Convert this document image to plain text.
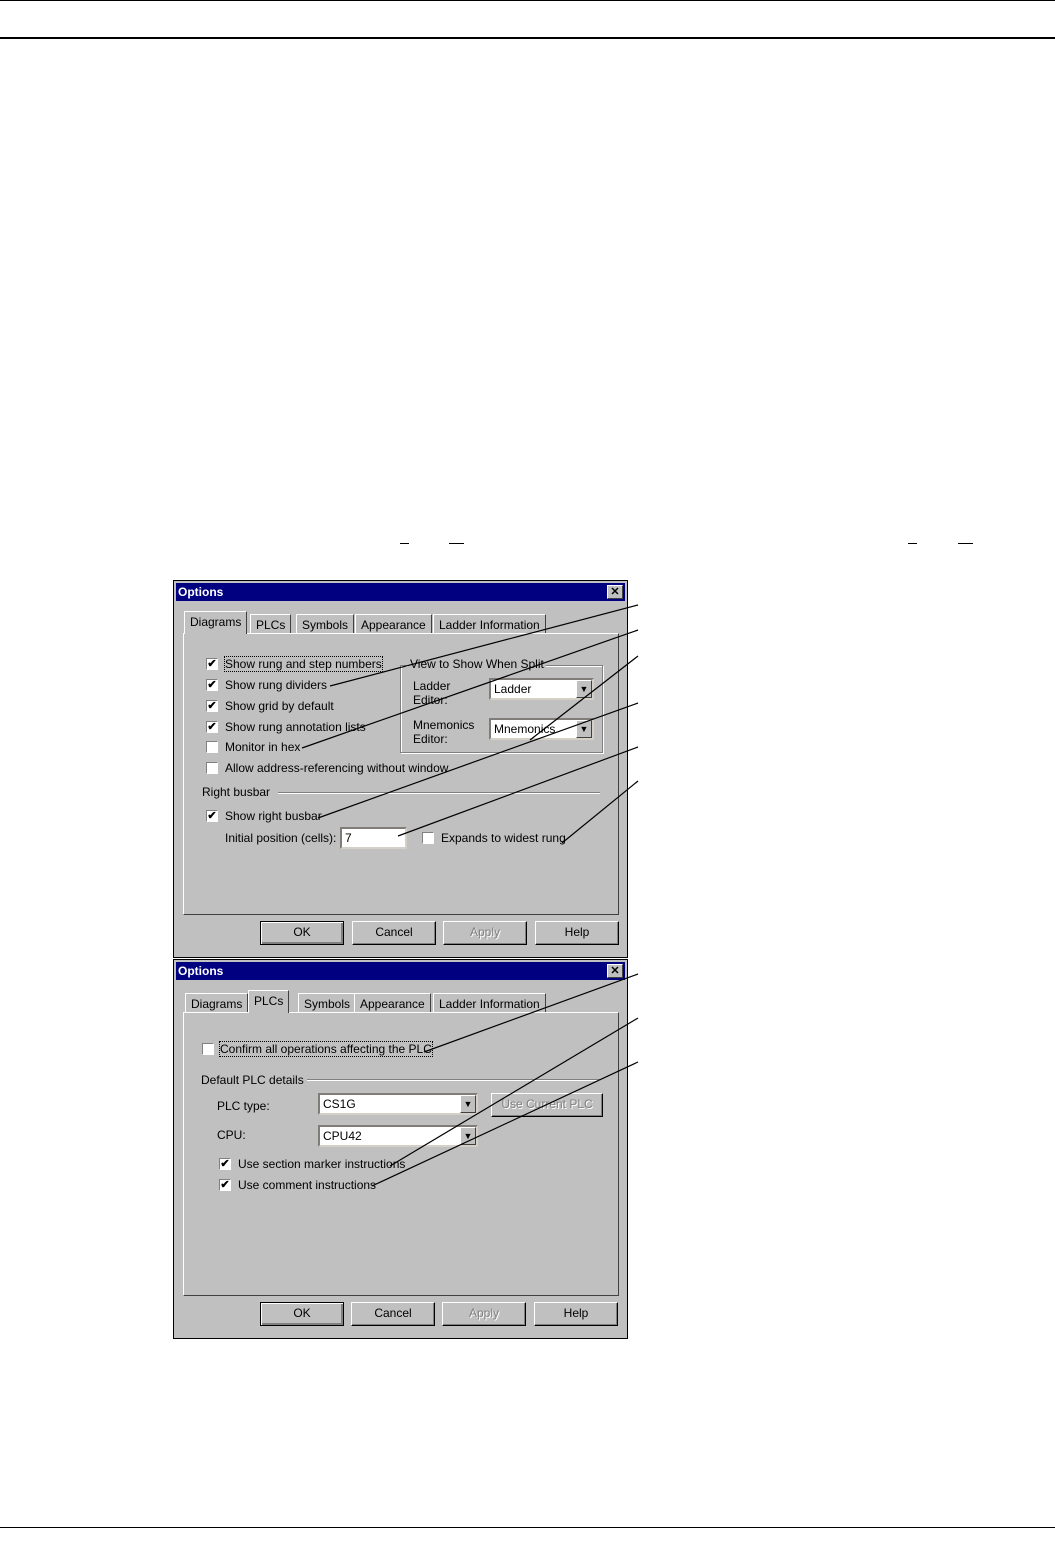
Options	✕
Diagrams	PLCs	Symbols	Appearance	Ladder Information
✔ Show rung and step numbers
✔ Show rung dividers
✔ Show grid by default
✔ Show rung annotation lists
Monitor in hex
Allow address-referencing without window
View to Show When Split
Ladder
Editor:
Ladder	▼
Mnemonics
Editor:
Mnemonics	▼
Right busbar
✔ Show right busbar
Initial position (cells): 7	Expands to widest rung
OK	Cancel	Apply	Help
Options	✕
Diagrams PLCs	Symbols Appearance	Ladder Information
Confirm all operations affecting the PLC
Default PLC details
PLC type:	CS1G	▼	Use Current PLC
CPU:	CPU42	▼
✔ Use section marker instructions
✔ Use comment instructions
OK	Cancel	Apply	Help
